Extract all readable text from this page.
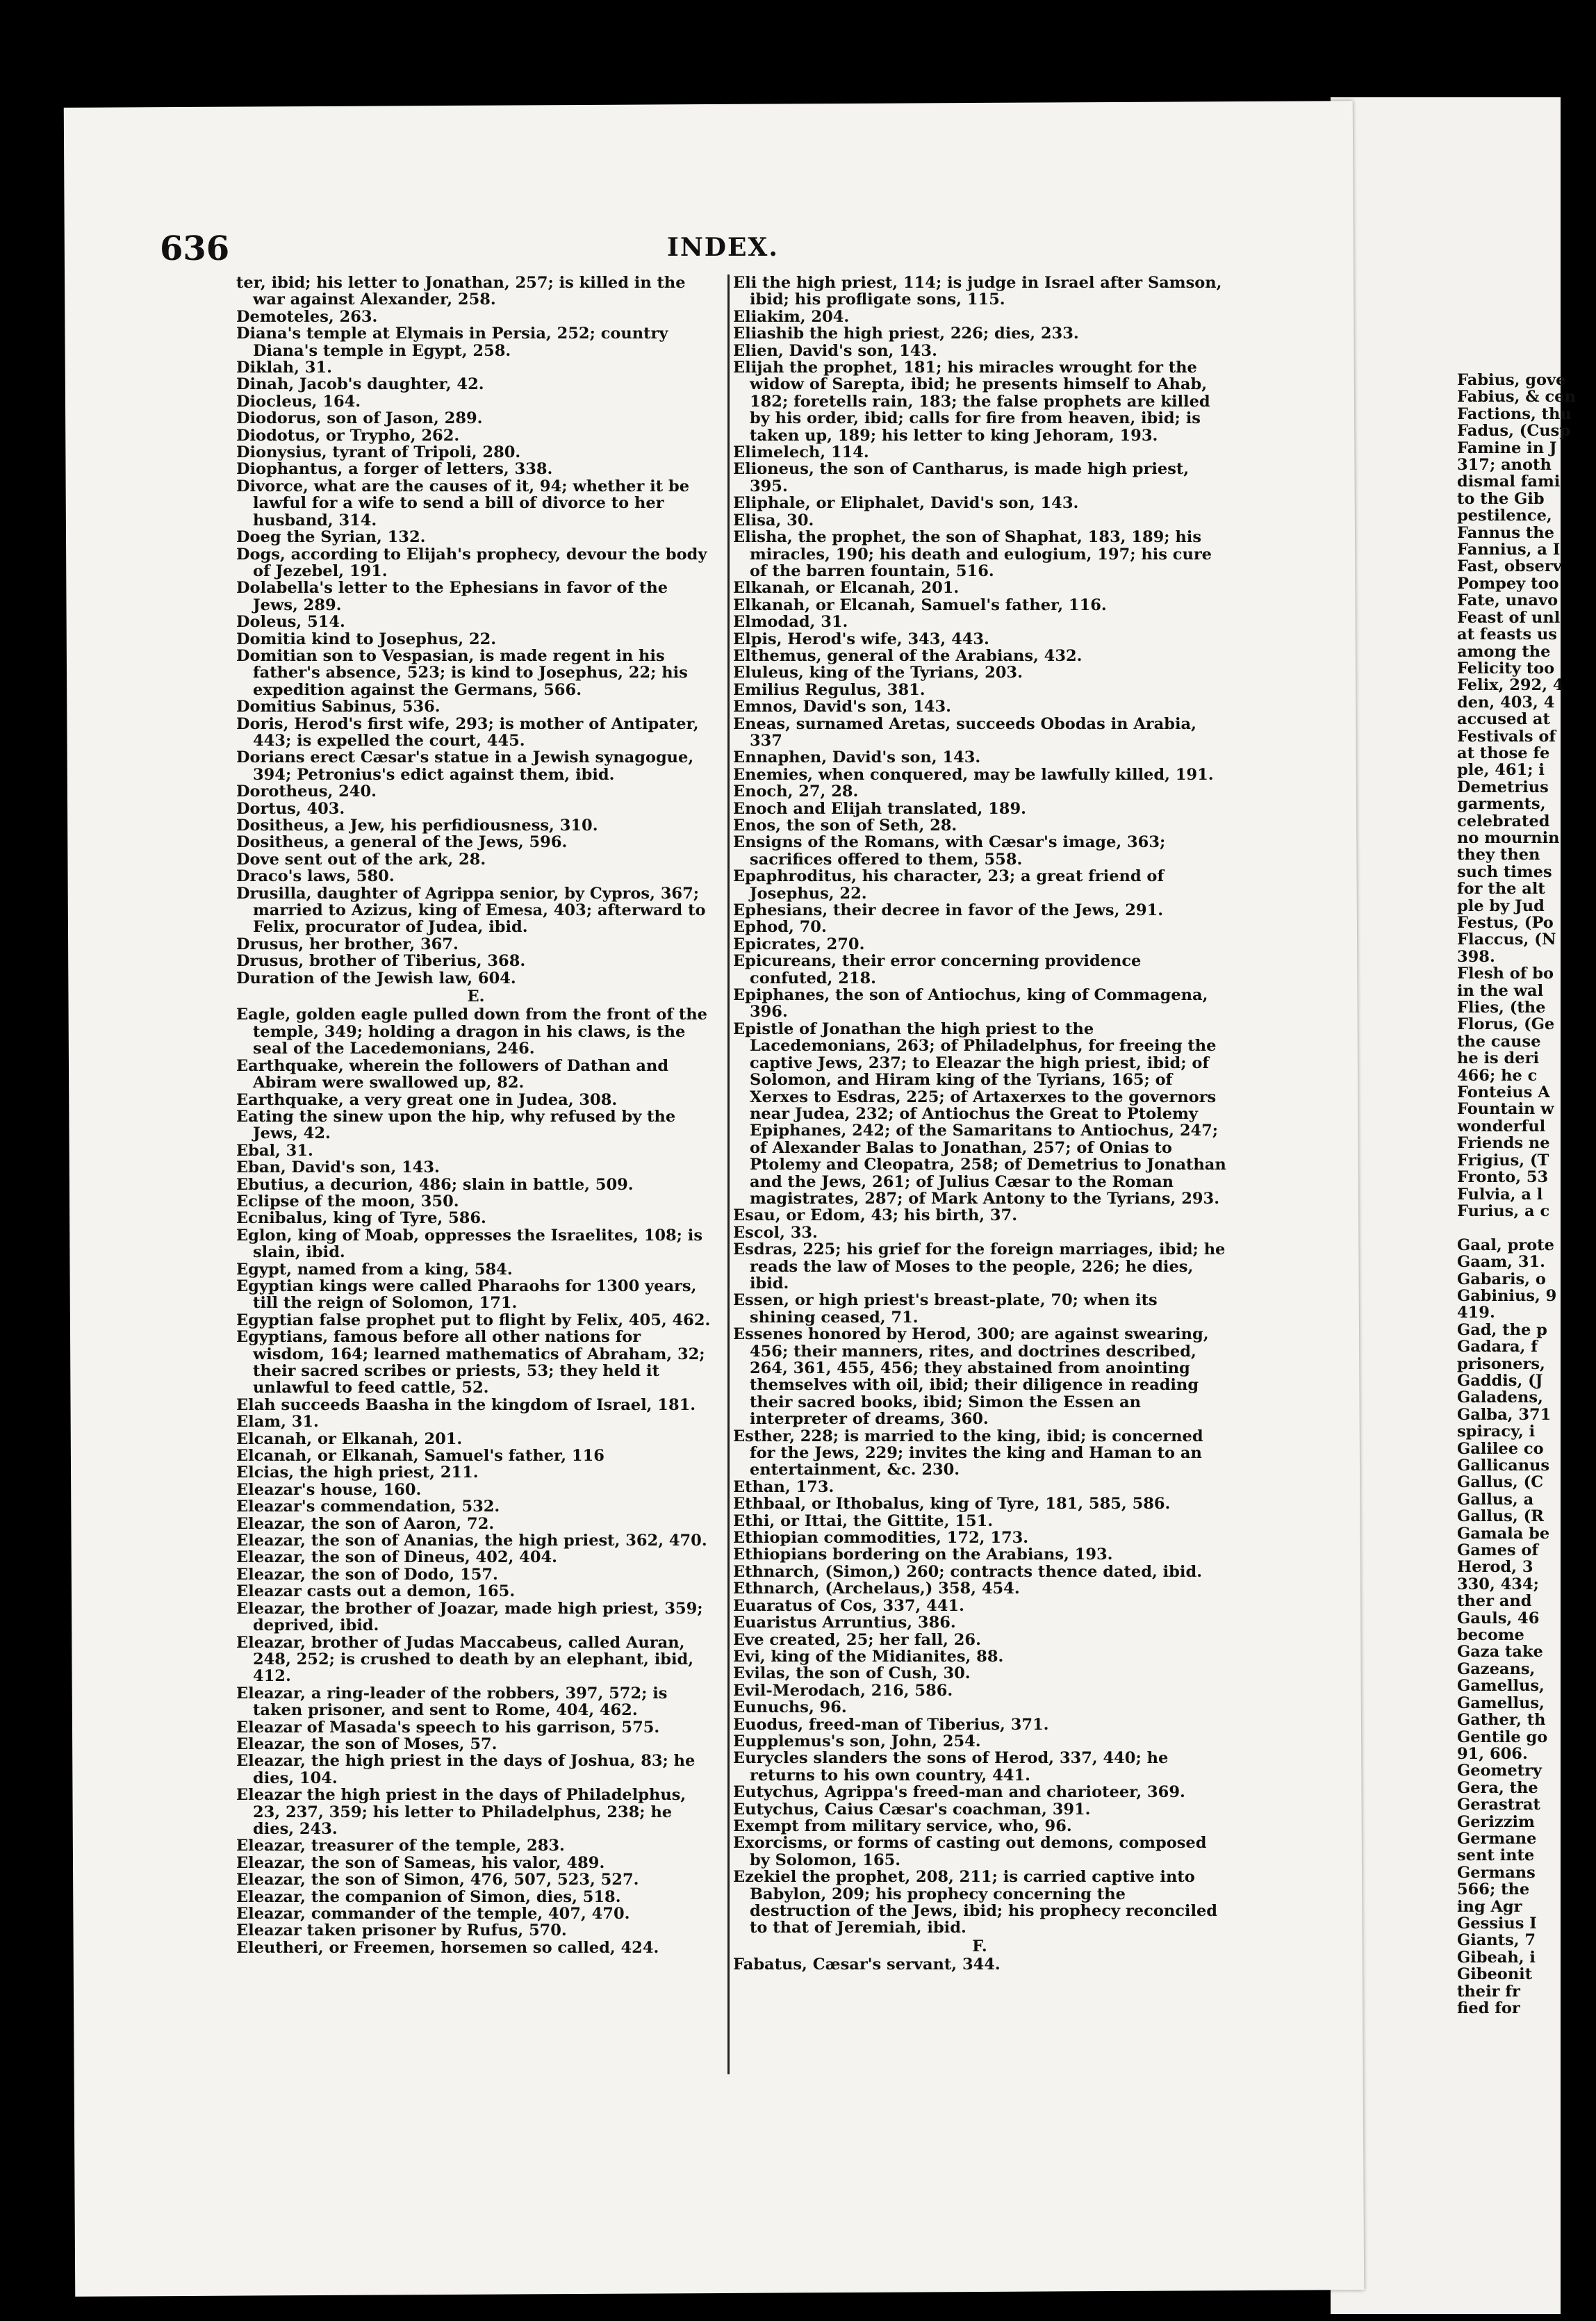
Fabius, gove

Fabius, & cen

Factions, thu

Fadus, (Cusp

Famine in J

317; anoth

dismal fami

to the Gib

pestilence,

Fannus the

Fannius, a I

Fast, observ

Pompey too

Fate, unavo

Feast of unl

at feasts us

among the

Felicity too

Felix, 292, 4

den, 403, 4

accused at

Festivals of

at those fe

ple, 461; i

Demetrius

garments,

celebrated

no mournin

they then

such times

for the alt

ple by Jud

Festus, (Po

Flaccus, (N

398.

Flesh of bo

in the wal

Flies, (the

Florus, (Ge

the cause

he is deri

466; he c

Fonteius A

Fountain w

wonderful

Friends ne

Frigius, (T

Fronto, 53

Fulvia, a l

Furius, a c

Gaal, prote

Gaam, 31.

Gabaris, o

Gabinius, 9

419.

Gad, the p

Gadara, f

prisoners,

Gaddis, (J

Galadens,

Galba, 371

spiracy, i

Galilee co

Gallicanus

Gallus, (C

Gallus, a

Gallus, (R

Gamala be

Games of

Herod, 3

330, 434;

ther and

Gauls, 46

become

Gaza take

Gazeans,

Gamellus,

Gamellus,

Gather, th

Gentile go

91, 606.

Geometry

Gera, the

Gerastrat

Gerizzim

Germane

sent inte

Germans

566; the

ing Agr

Gessius I

Giants, 7

Gibeah, i

Gibeonit

their fr

fied for

636	INDEX.

ter, ibid; his letter to Jonathan, 257; is killed in the war against Alexander, 258.

Demoteles, 263.

Diana's temple at Elymais in Persia, 252; country Diana's temple in Egypt, 258.

Diklah, 31.

Dinah, Jacob's daughter, 42.

Diocleus, 164.

Diodorus, son of Jason, 289.

Diodotus, or Trypho, 262.

Dionysius, tyrant of Tripoli, 280.

Diophantus, a forger of letters, 338.

Divorce, what are the causes of it, 94; whether it be lawful for a wife to send a bill of divorce to her husband, 314.

Doeg the Syrian, 132.

Dogs, according to Elijah's prophecy, devour the body of Jezebel, 191.

Dolabella's letter to the Ephesians in favor of the Jews, 289.

Doleus, 514.

Domitia kind to Josephus, 22.

Domitian son to Vespasian, is made regent in his father's absence, 523; is kind to Josephus, 22; his expedition against the Germans, 566.

Domitius Sabinus, 536.

Doris, Herod's first wife, 293; is mother of Antipater, 443; is expelled the court, 445.

Dorians erect Cæsar's statue in a Jewish synagogue, 394; Petronius's edict against them, ibid.

Dorotheus, 240.

Dortus, 403.

Dositheus, a Jew, his perfidiousness, 310.

Dositheus, a general of the Jews, 596.

Dove sent out of the ark, 28.

Draco's laws, 580.

Drusilla, daughter of Agrippa senior, by Cypros, 367; married to Azizus, king of Emesa, 403; afterward to Felix, procurator of Judea, ibid.

Drusus, her brother, 367.

Drusus, brother of Tiberius, 368.

Duration of the Jewish law, 604.

E.

Eagle, golden eagle pulled down from the front of the temple, 349; holding a dragon in his claws, is the seal of the Lacedemonians, 246.

Earthquake, wherein the followers of Dathan and Abiram were swallowed up, 82.

Earthquake, a very great one in Judea, 308.

Eating the sinew upon the hip, why refused by the Jews, 42.

Ebal, 31.

Eban, David's son, 143.

Ebutius, a decurion, 486; slain in battle, 509.

Eclipse of the moon, 350.

Ecnibalus, king of Tyre, 586.

Eglon, king of Moab, oppresses the Israelites, 108; is slain, ibid.

Egypt, named from a king, 584.

Egyptian kings were called Pharaohs for 1300 years, till the reign of Solomon, 171.

Egyptian false prophet put to flight by Felix, 405, 462.

Egyptians, famous before all other nations for wisdom, 164; learned mathematics of Abraham, 32; their sacred scribes or priests, 53; they held it unlawful to feed cattle, 52.

Elah succeeds Baasha in the kingdom of Israel, 181.

Elam, 31.

Elcanah, or Elkanah, 201.

Elcanah, or Elkanah, Samuel's father, 116

Elcias, the high priest, 211.

Eleazar's house, 160.

Eleazar's commendation, 532.

Eleazar, the son of Aaron, 72.

Eleazar, the son of Ananias, the high priest, 362, 470.

Eleazar, the son of Dineus, 402, 404.

Eleazar, the son of Dodo, 157.

Eleazar casts out a demon, 165.

Eleazar, the brother of Joazar, made high priest, 359; deprived, ibid.

Eleazar, brother of Judas Maccabeus, called Auran, 248, 252; is crushed to death by an elephant, ibid, 412.

Eleazar, a ring-leader of the robbers, 397, 572; is taken prisoner, and sent to Rome, 404, 462.

Eleazar of Masada's speech to his garrison, 575.

Eleazar, the son of Moses, 57.

Eleazar, the high priest in the days of Joshua, 83; he dies, 104.

Eleazar the high priest in the days of Philadelphus, 23, 237, 359; his letter to Philadelphus, 238; he dies, 243.

Eleazar, treasurer of the temple, 283.

Eleazar, the son of Sameas, his valor, 489.

Eleazar, the son of Simon, 476, 507, 523, 527.

Eleazar, the companion of Simon, dies, 518.

Eleazar, commander of the temple, 407, 470.

Eleazar taken prisoner by Rufus, 570.

Eleutheri, or Freemen, horsemen so called, 424.

Eli the high priest, 114; is judge in Israel after Samson, ibid; his profligate sons, 115.

Eliakim, 204.

Eliashib the high priest, 226; dies, 233.

Elien, David's son, 143.

Elijah the prophet, 181; his miracles wrought for the widow of Sarepta, ibid; he presents himself to Ahab, 182; foretells rain, 183; the false prophets are killed by his order, ibid; calls for fire from heaven, ibid; is taken up, 189; his letter to king Jehoram, 193.

Elimelech, 114.

Elioneus, the son of Cantharus, is made high priest, 395.

Eliphale, or Eliphalet, David's son, 143.

Elisa, 30.

Elisha, the prophet, the son of Shaphat, 183, 189; his miracles, 190; his death and eulogium, 197; his cure of the barren fountain, 516.

Elkanah, or Elcanah, 201.

Elkanah, or Elcanah, Samuel's father, 116.

Elmodad, 31.

Elpis, Herod's wife, 343, 443.

Elthemus, general of the Arabians, 432.

Eluleus, king of the Tyrians, 203.

Emilius Regulus, 381.

Emnos, David's son, 143.

Eneas, surnamed Aretas, succeeds Obodas in Arabia, 337

Ennaphen, David's son, 143.

Enemies, when conquered, may be lawfully killed, 191.

Enoch, 27, 28.

Enoch and Elijah translated, 189.

Enos, the son of Seth, 28.

Ensigns of the Romans, with Cæsar's image, 363; sacrifices offered to them, 558.

Epaphroditus, his character, 23; a great friend of Josephus, 22.

Ephesians, their decree in favor of the Jews, 291.

Ephod, 70.

Epicrates, 270.

Epicureans, their error concerning providence confuted, 218.

Epiphanes, the son of Antiochus, king of Commagena, 396.

Epistle of Jonathan the high priest to the Lacedemonians, 263; of Philadelphus, for freeing the captive Jews, 237; to Eleazar the high priest, ibid; of Solomon, and Hiram king of the Tyrians, 165; of Xerxes to Esdras, 225; of Artaxerxes to the governors near Judea, 232; of Antiochus the Great to Ptolemy Epiphanes, 242; of the Samaritans to Antiochus, 247; of Alexander Balas to Jonathan, 257; of Onias to Ptolemy and Cleopatra, 258; of Demetrius to Jonathan and the Jews, 261; of Julius Cæsar to the Roman magistrates, 287; of Mark Antony to the Tyrians, 293.

Esau, or Edom, 43; his birth, 37.

Escol, 33.

Esdras, 225; his grief for the foreign marriages, ibid; he reads the law of Moses to the people, 226; he dies, ibid.

Essen, or high priest's breast-plate, 70; when its shining ceased, 71.

Essenes honored by Herod, 300; are against swearing, 456; their manners, rites, and doctrines described, 264, 361, 455, 456; they abstained from anointing themselves with oil, ibid; their diligence in reading their sacred books, ibid; Simon the Essen an interpreter of dreams, 360.

Esther, 228; is married to the king, ibid; is concerned for the Jews, 229; invites the king and Haman to an entertainment, &c. 230.

Ethan, 173.

Ethbaal, or Ithobalus, king of Tyre, 181, 585, 586.

Ethi, or Ittai, the Gittite, 151.

Ethiopian commodities, 172, 173.

Ethiopians bordering on the Arabians, 193.

Ethnarch, (Simon,) 260; contracts thence dated, ibid.

Ethnarch, (Archelaus,) 358, 454.

Euaratus of Cos, 337, 441.

Euaristus Arruntius, 386.

Eve created, 25; her fall, 26.

Evi, king of the Midianites, 88.

Evilas, the son of Cush, 30.

Evil-Merodach, 216, 586.

Eunuchs, 96.

Euodus, freed-man of Tiberius, 371.

Eupplemus's son, John, 254.

Eurycles slanders the sons of Herod, 337, 440; he returns to his own country, 441.

Eutychus, Agrippa's freed-man and charioteer, 369.

Eutychus, Caius Cæsar's coachman, 391.

Exempt from military service, who, 96.

Exorcisms, or forms of casting out demons, composed by Solomon, 165.

Ezekiel the prophet, 208, 211; is carried captive into Babylon, 209; his prophecy concerning the destruction of the Jews, ibid; his prophecy reconciled to that of Jeremiah, ibid.

F.

Fabatus, Cæsar's servant, 344.
